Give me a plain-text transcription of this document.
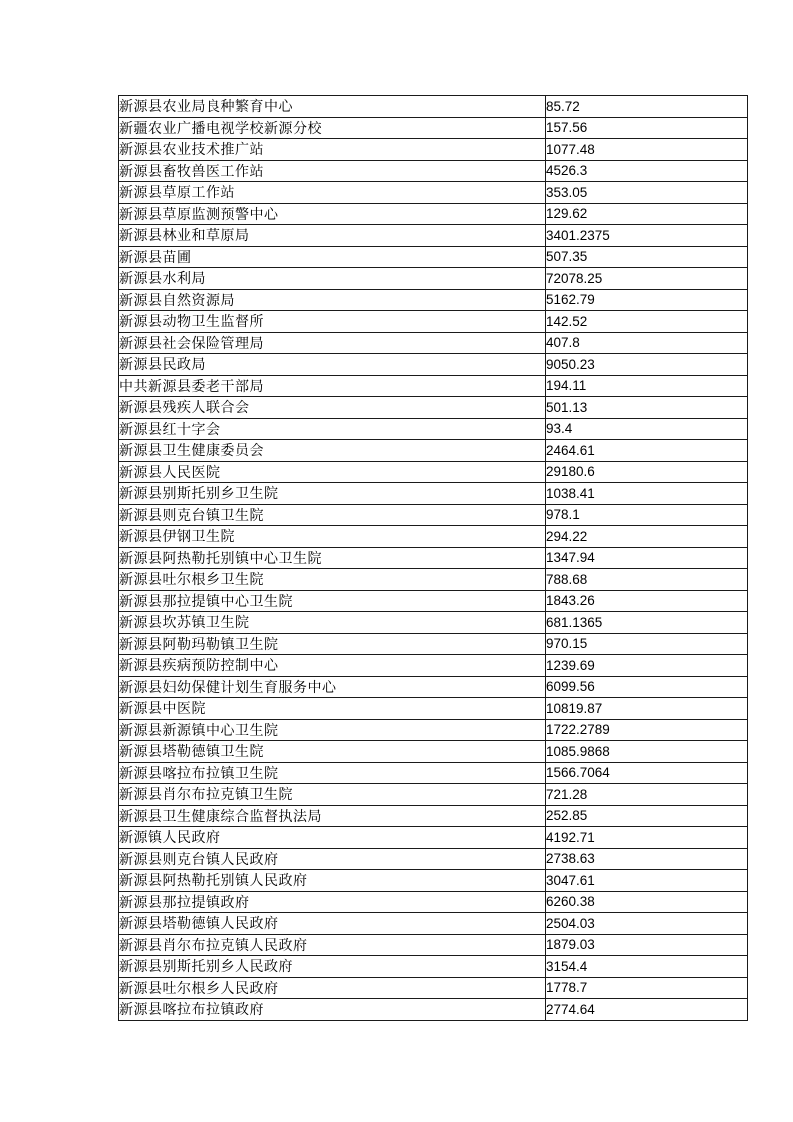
新源县农业局良种繁育中心	85.72
新疆农业广播电视学校新源分校	157.56
新源县农业技术推广站	1077.48
新源县畜牧兽医工作站	4526.3
新源县草原工作站	353.05
新源县草原监测预警中心	129.62
新源县林业和草原局	3401.2375
新源县苗圃	507.35
新源县水利局	72078.25
新源县自然资源局	5162.79
新源县动物卫生监督所	142.52
新源县社会保险管理局	407.8
新源县民政局	9050.23
中共新源县委老干部局	194.11
新源县残疾人联合会	501.13
新源县红十字会	93.4
新源县卫生健康委员会	2464.61
新源县人民医院	29180.6
新源县别斯托别乡卫生院	1038.41
新源县则克台镇卫生院	978.1
新源县伊钢卫生院	294.22
新源县阿热勒托别镇中心卫生院	1347.94
新源县吐尔根乡卫生院	788.68
新源县那拉提镇中心卫生院	1843.26
新源县坎苏镇卫生院	681.1365
新源县阿勒玛勒镇卫生院	970.15
新源县疾病预防控制中心	1239.69
新源县妇幼保健计划生育服务中心	6099.56
新源县中医院	10819.87
新源县新源镇中心卫生院	1722.2789
新源县塔勒德镇卫生院	1085.9868
新源县喀拉布拉镇卫生院	1566.7064
新源县肖尔布拉克镇卫生院	721.28
新源县卫生健康综合监督执法局	252.85
新源镇人民政府	4192.71
新源县则克台镇人民政府	2738.63
新源县阿热勒托别镇人民政府	3047.61
新源县那拉提镇政府	6260.38
新源县塔勒德镇人民政府	2504.03
新源县肖尔布拉克镇人民政府	1879.03
新源县别斯托别乡人民政府	3154.4
新源县吐尔根乡人民政府	1778.7
新源县喀拉布拉镇政府	2774.64
